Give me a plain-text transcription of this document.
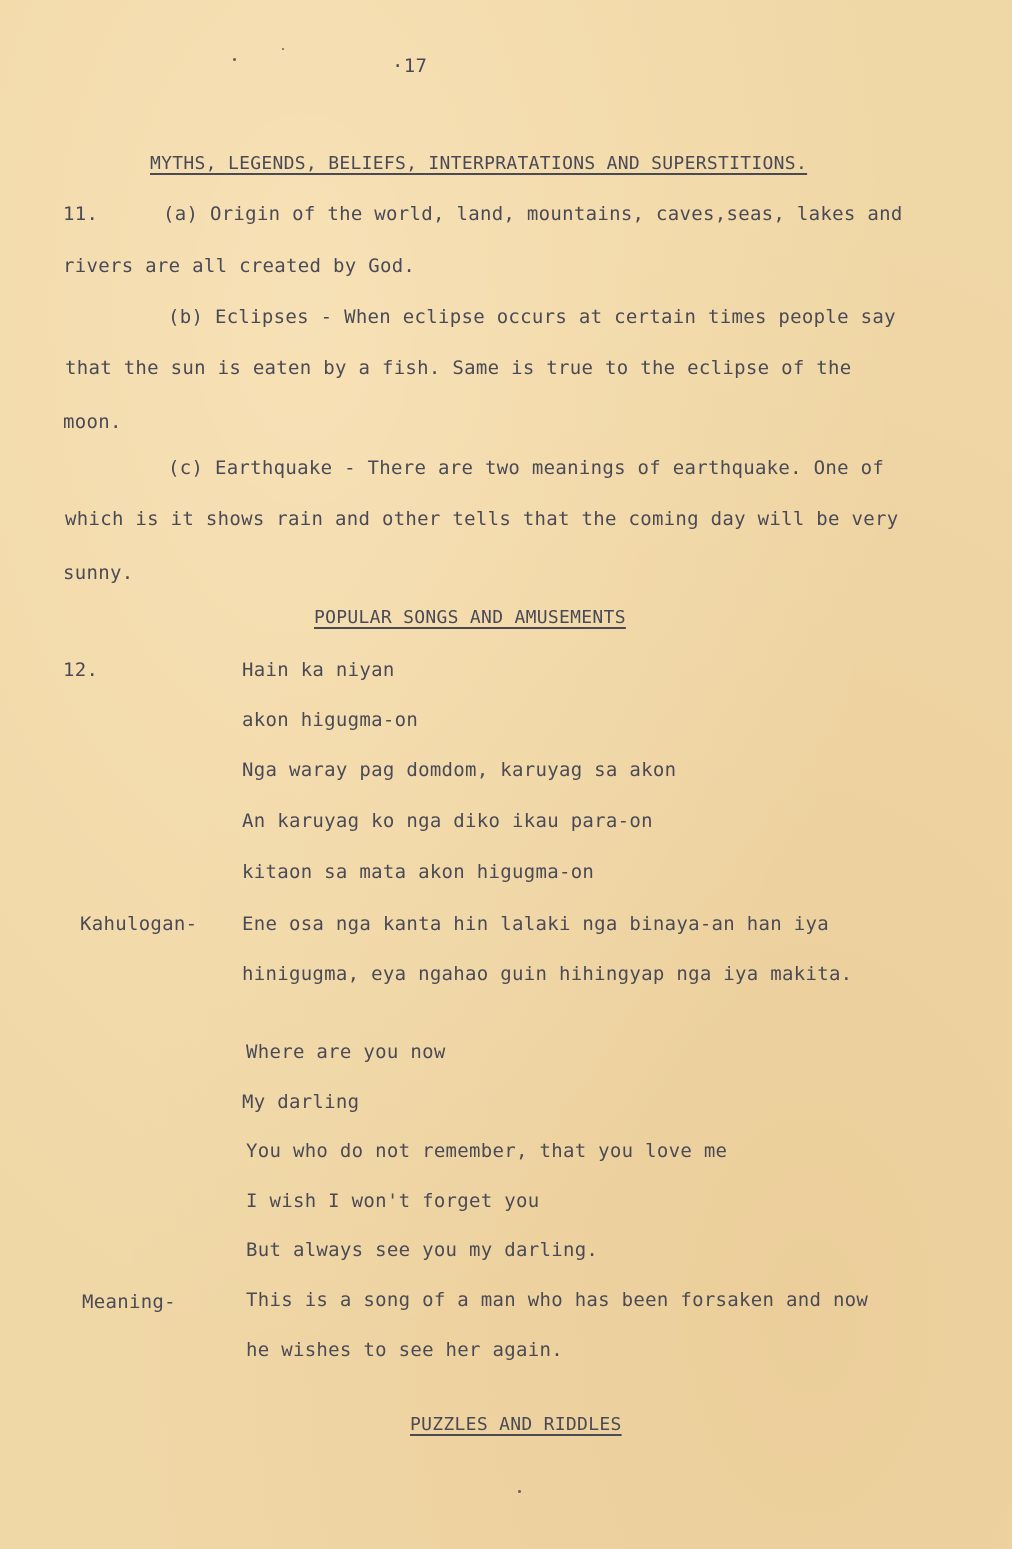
·17
MYTHS, LEGENDS, BELIEFS, INTERPRATATIONS AND SUPERSTITIONS.
11.	(a) Origin of the world, land, mountains, caves,seas, lakes and
rivers are all created by God.
(b) Eclipses - When eclipse occurs at certain times people say
that the sun is eaten by a fish. Same is true to the eclipse of the
moon.
(c) Earthquake - There are two meanings of earthquake. One of
which is it shows rain and other tells that the coming day will be very
sunny.
POPULAR SONGS AND AMUSEMENTS
12.	Hain ka niyan
akon higugma-on
Nga waray pag domdom, karuyag sa akon
An karuyag ko nga diko ikau para-on
kitaon sa mata akon higugma-on
Kahulogan- Ene osa nga kanta hin lalaki nga binaya-an han iya
hinigugma, eya ngahao guin hihingyap nga iya makita.
Where are you now
My darling
You who do not remember, that you love me
I wish I won't forget you
But always see you my darling.
Meaning-	This is a song of a man who has been forsaken and now
he wishes to see her again.
PUZZLES AND RIDDLES
